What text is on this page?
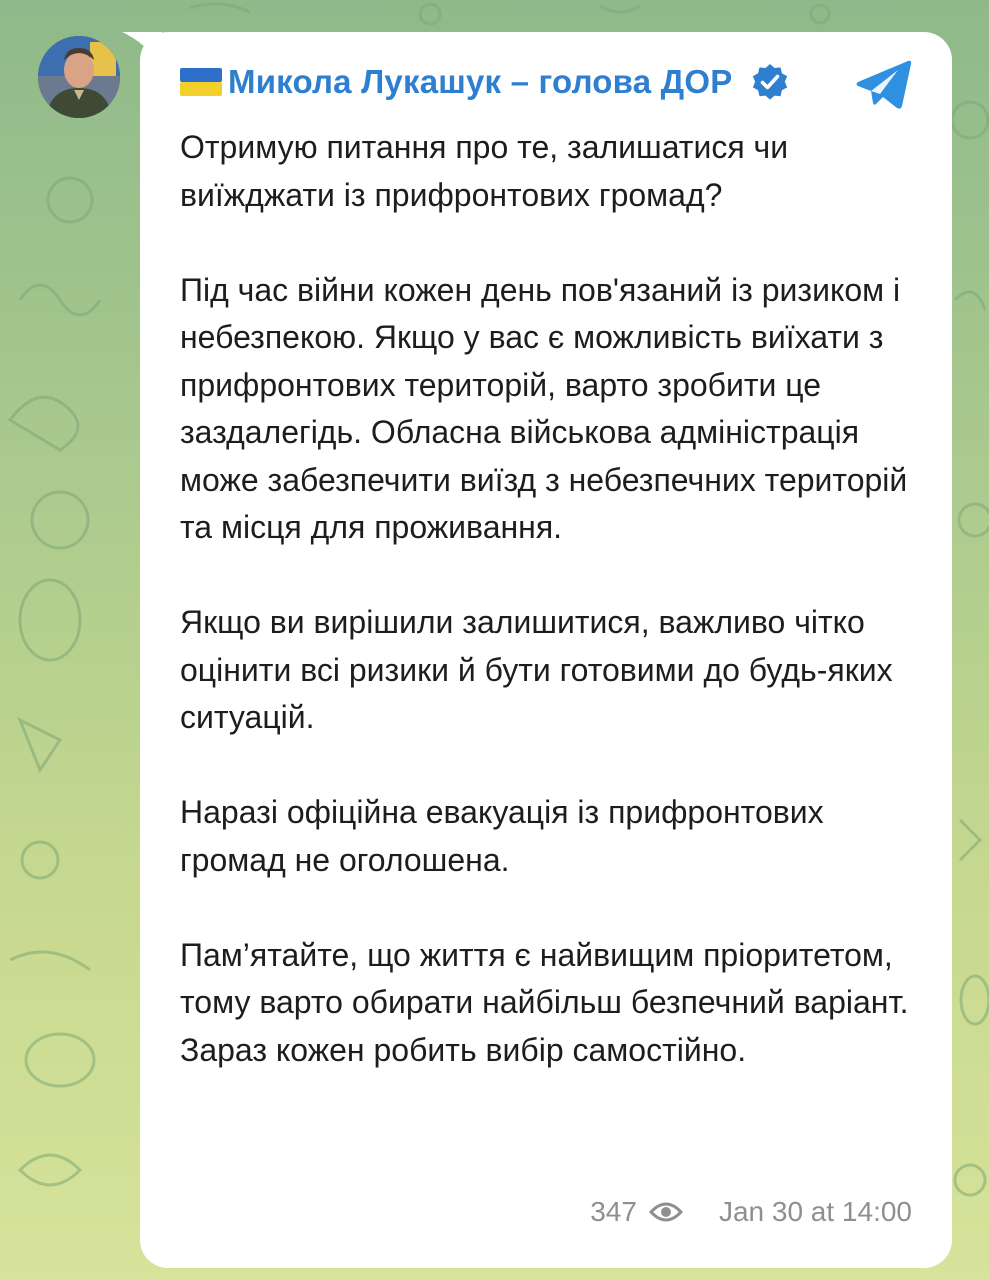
Микола Лукашук – голова ДОР

Отримую питання про те, залишатися чи виїжджати із прифронтових громад?

Під час війни кожен день пов'язаний із ризиком і небезпекою. Якщо у вас є можливість виїхати з прифронтових територій, варто зробити це заздалегідь. Обласна військова адміністрація може забезпечити виїзд з небезпечних територій та місця для проживання.

Якщо ви вирішили залишитися, важливо чітко оцінити всі ризики й бути готовими до будь-яких ситуацій.

Наразі офіційна евакуація із прифронтових громад не оголошена.

Пам’ятайте, що життя є найвищим пріоритетом, тому варто обирати найбільш безпечний варіант. Зараз кожен робить вибір самостійно.

347	Jan 30 at 14:00
